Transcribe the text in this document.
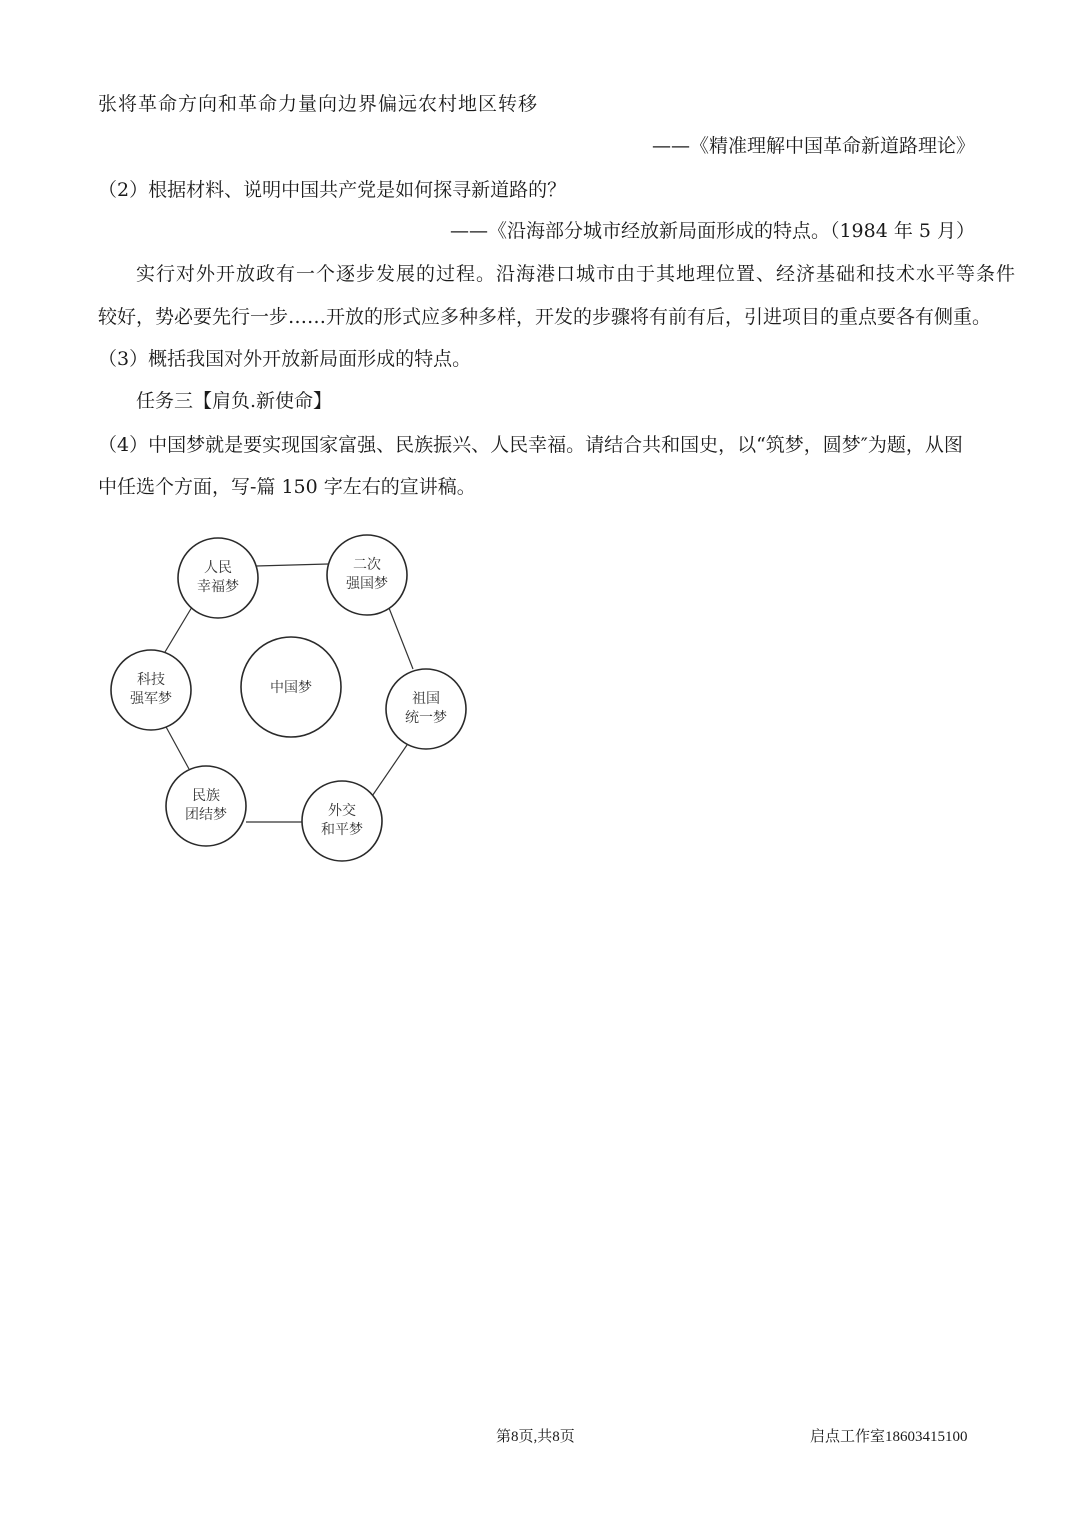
张将革命方向和革命力量向边界偏远农村地区转移
——《精准理解中国革命新道路理论》
（2）根据材料、说明中国共产党是如何探寻新道路的？
——《沿海部分城市经放新局面形成的特点。（1984 年 5 月）
实行对外开放政有一个逐步发展的过程。沿海港口城市由于其地理位置、经济基础和技术水平等条件
较好，势必要先行一步……开放的形式应多种多样，开发的步骤将有前有后，引进项目的重点要各有侧重。
（3）概括我国对外开放新局面形成的特点。
任务三【肩负.新使命】
（4）中国梦就是要实现国家富强、民族振兴、人民幸福。请结合共和国史，以“筑梦，圆梦″为题，从图
中任选个方面，写-篇 150 字左右的宣讲稿。
中国梦
人民
幸福梦
二次
强国梦
祖国
统一梦
外交
和平梦
民族
团结梦
科技
强军梦
第8页,共8页	启点工作室18603415100
